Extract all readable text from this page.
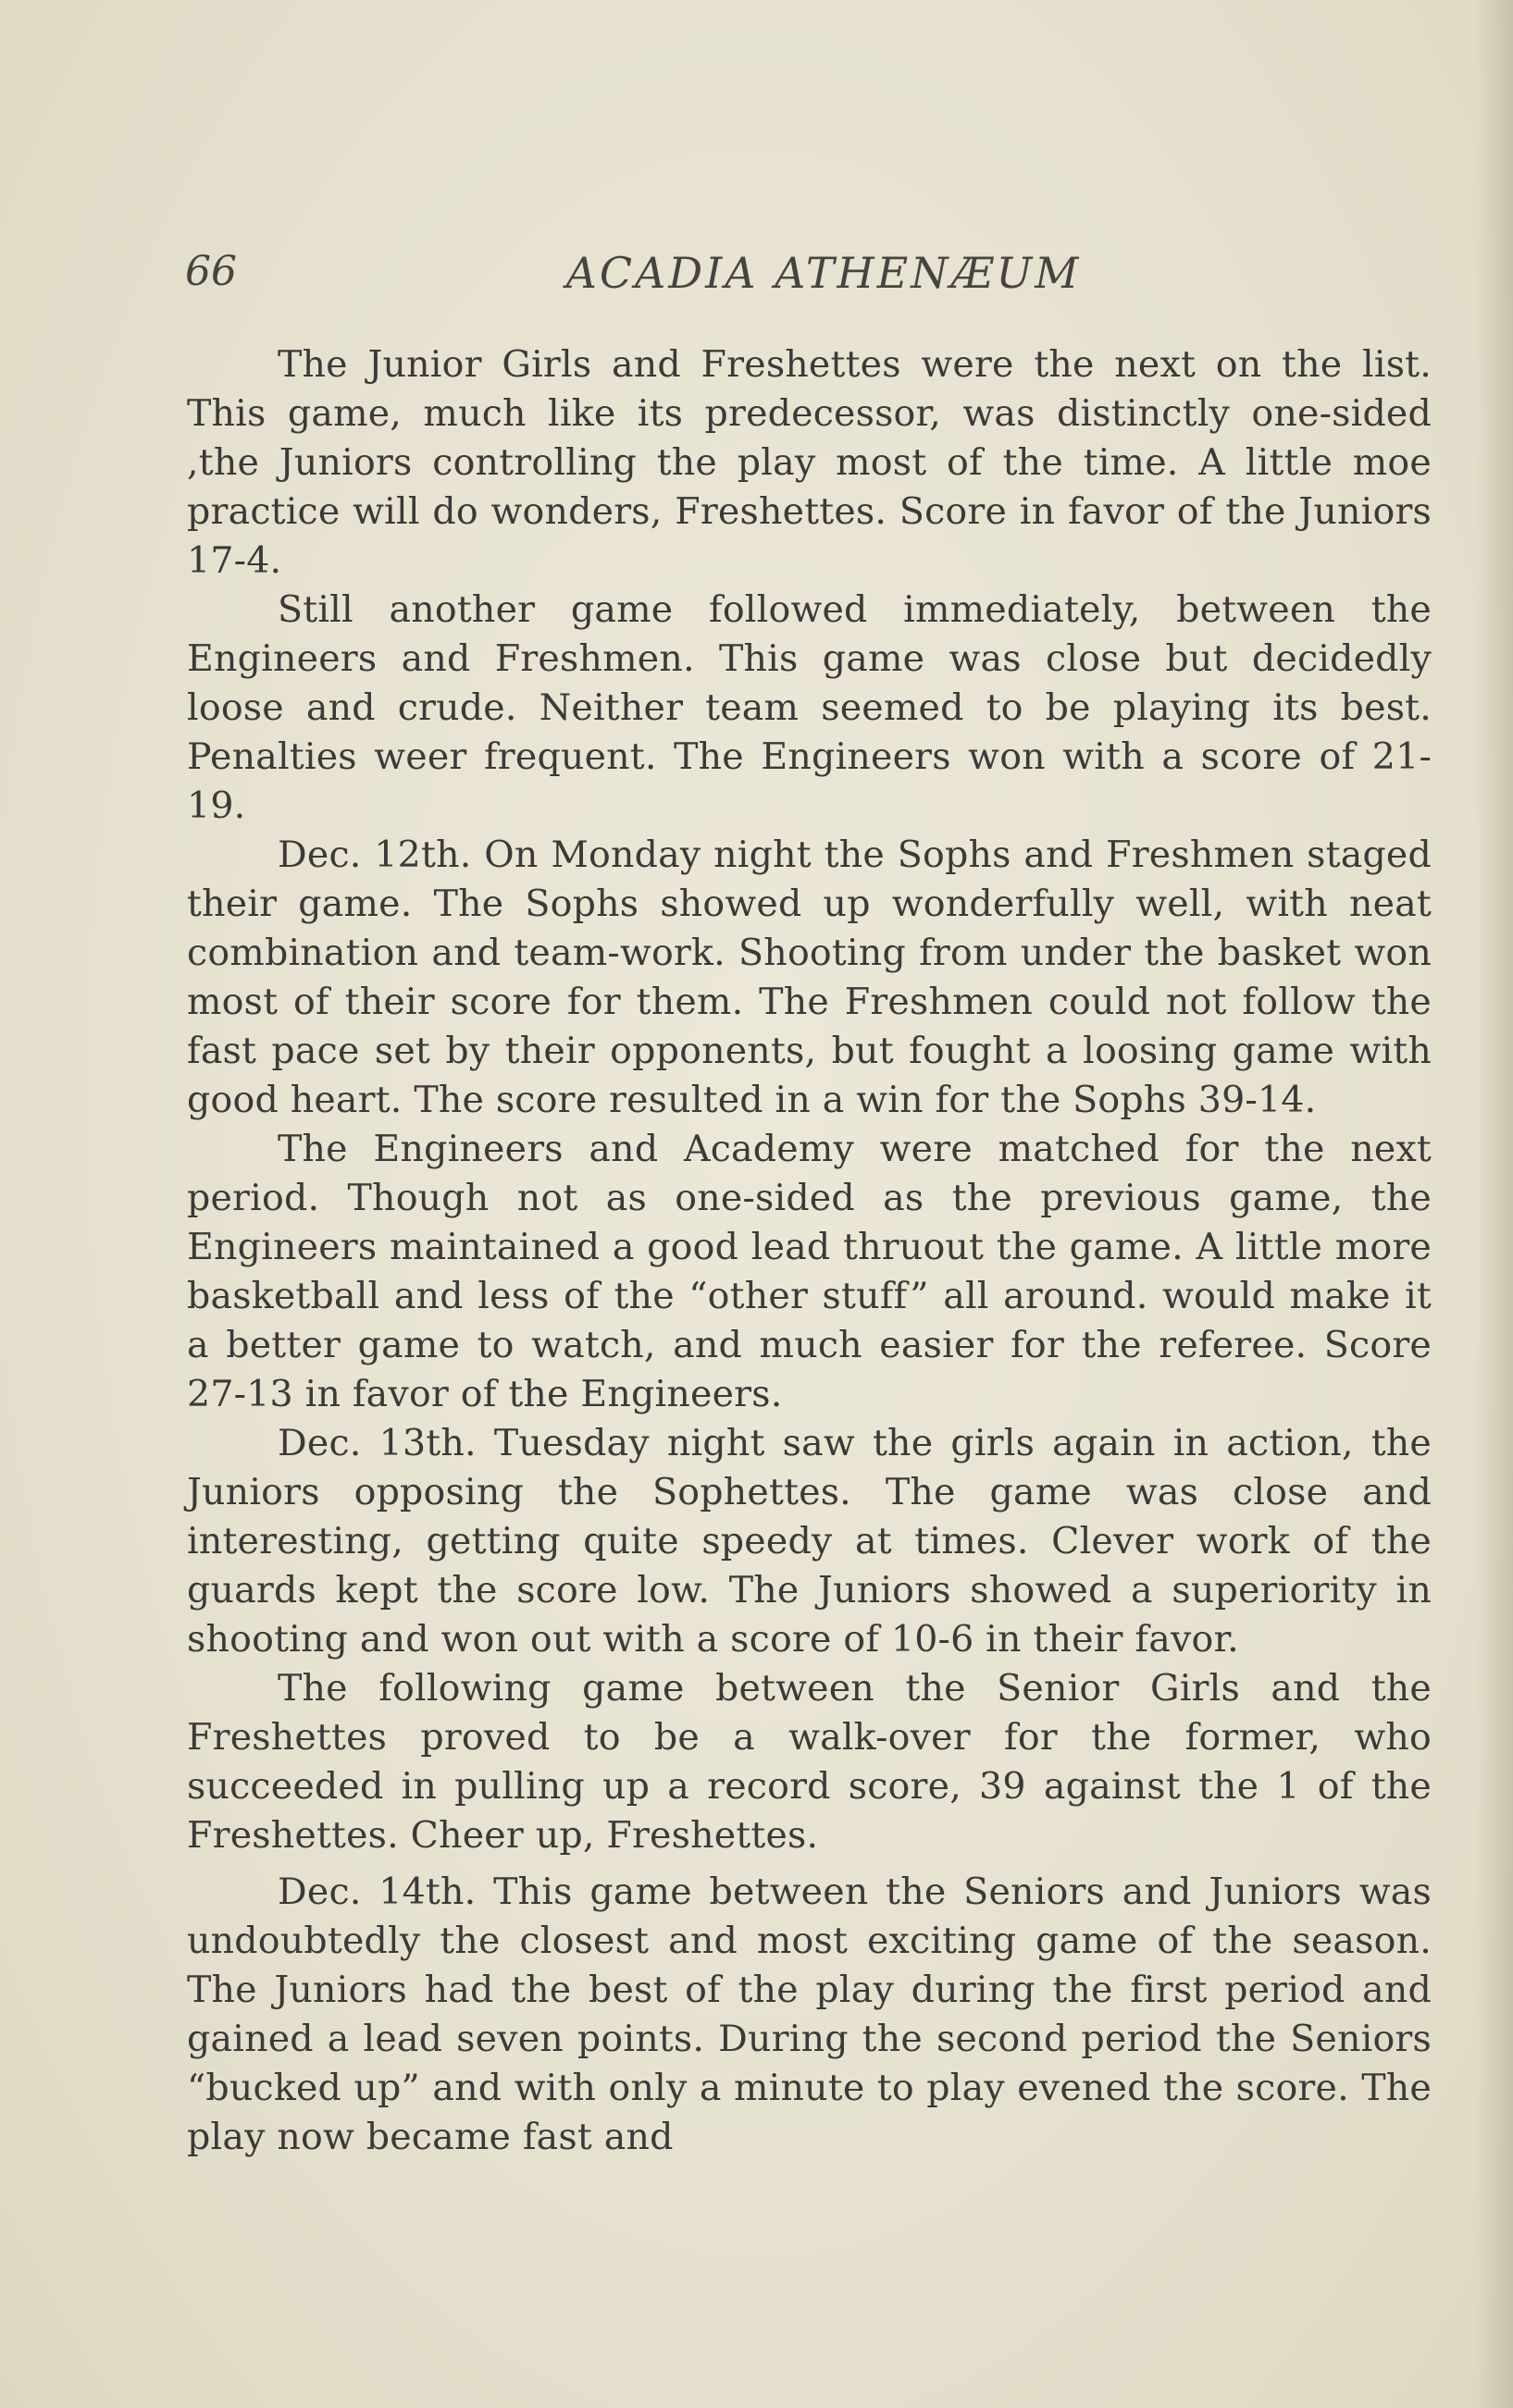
66	ACADIA ATHENÆUM

The Junior Girls and Freshettes were the next on the list. This game, much like its predecessor, was distinctly one-sided ,the Juniors controlling the play most of the time. A little moe practice will do wonders, Freshettes. Score in favor of the Juniors 17-4.

Still another game followed immediately, between the Engineers and Freshmen. This game was close but decidedly loose and crude. Neither team seemed to be playing its best. Penalties weer frequent. The Engineers won with a score of 21-19.

Dec. 12th. On Monday night the Sophs and Freshmen staged their game. The Sophs showed up wonderfully well, with neat combination and team-work. Shooting from under the basket won most of their score for them. The Freshmen could not follow the fast pace set by their opponents, but fought a loosing game with good heart. The score resulted in a win for the Sophs 39-14.

The Engineers and Academy were matched for the next period. Though not as one-sided as the previous game, the Engineers maintained a good lead thruout the game. A little more basketball and less of the “other stuff” all around. would make it a better game to watch, and much easier for the referee. Score 27-13 in favor of the Engineers.

Dec. 13th. Tuesday night saw the girls again in action, the Juniors opposing the Sophettes. The game was close and interesting, getting quite speedy at times. Clever work of the guards kept the score low. The Juniors showed a superiority in shooting and won out with a score of 10-6 in their favor.

The following game between the Senior Girls and the Freshettes proved to be a walk-over for the former, who succeeded in pulling up a record score, 39 against the 1 of the Freshettes. Cheer up, Freshettes.

Dec. 14th. This game between the Seniors and Juniors was undoubtedly the closest and most exciting game of the season. The Juniors had the best of the play during the first period and gained a lead seven points. During the second period the Seniors “bucked up” and with only a minute to play evened the score. The play now became fast and
